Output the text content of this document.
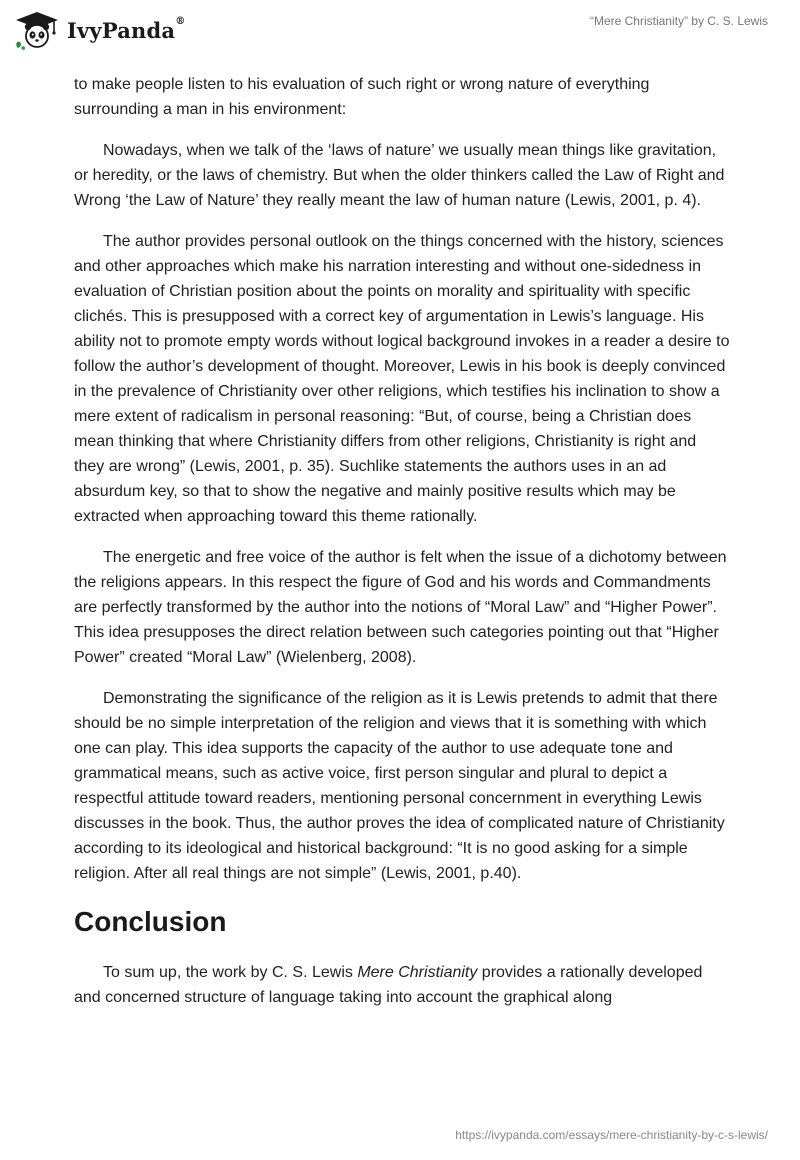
IvyPanda®	“Mere Christianity” by C. S. Lewis

to make people listen to his evaluation of such right or wrong nature of everything surrounding a man in his environment:

Nowadays, when we talk of the ‘laws of nature’ we usually mean things like gravitation, or heredity, or the laws of chemistry. But when the older thinkers called the Law of Right and Wrong ‘the Law of Nature’ they really meant the law of human nature (Lewis, 2001, p. 4).

The author provides personal outlook on the things concerned with the history, sciences and other approaches which make his narration interesting and without one-sidedness in evaluation of Christian position about the points on morality and spirituality with specific clichés. This is presupposed with a correct key of argumentation in Lewis’s language. His ability not to promote empty words without logical background invokes in a reader a desire to follow the author’s development of thought. Moreover, Lewis in his book is deeply convinced in the prevalence of Christianity over other religions, which testifies his inclination to show a mere extent of radicalism in personal reasoning: “But, of course, being a Christian does mean thinking that where Christianity differs from other religions, Christianity is right and they are wrong” (Lewis, 2001, p. 35). Suchlike statements the authors uses in an ad absurdum key, so that to show the negative and mainly positive results which may be extracted when approaching toward this theme rationally.

The energetic and free voice of the author is felt when the issue of a dichotomy between the religions appears. In this respect the figure of God and his words and Commandments are perfectly transformed by the author into the notions of “Moral Law” and “Higher Power”. This idea presupposes the direct relation between such categories pointing out that “Higher Power” created “Moral Law” (Wielenberg, 2008).

Demonstrating the significance of the religion as it is Lewis pretends to admit that there should be no simple interpretation of the religion and views that it is something with which one can play. This idea supports the capacity of the author to use adequate tone and grammatical means, such as active voice, first person singular and plural to depict a respectful attitude toward readers, mentioning personal concernment in everything Lewis discusses in the book. Thus, the author proves the idea of complicated nature of Christianity according to its ideological and historical background: “It is no good asking for a simple religion. After all real things are not simple” (Lewis, 2001, p.40).

Conclusion

To sum up, the work by C. S. Lewis Mere Christianity provides a rationally developed and concerned structure of language taking into account the graphical along

https://ivypanda.com/essays/mere-christianity-by-c-s-lewis/
